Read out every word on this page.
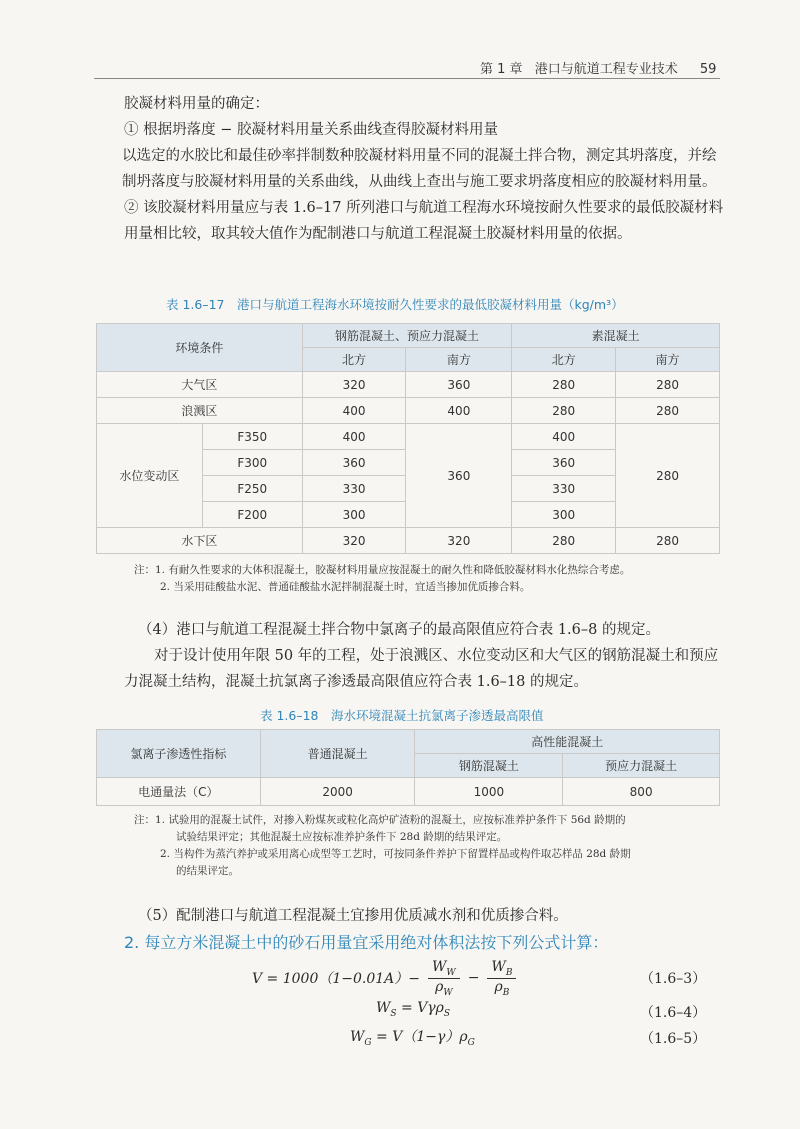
第 1 章 港口与航道工程专业技术 59

胶凝材料用量的确定：

① 根据坍落度 − 胶凝材料用量关系曲线查得胶凝材料用量

以选定的水胶比和最佳砂率拌制数种胶凝材料用量不同的混凝土拌合物，测定其坍落度，并绘制坍落度与胶凝材料用量的关系曲线，从曲线上查出与施工要求坍落度相应的胶凝材料用量。

② 该胶凝材料用量应与表 1.6–17 所列港口与航道工程海水环境按耐久性要求的最低胶凝材料用量相比较，取其较大值作为配制港口与航道工程混凝土胶凝材料用量的依据。

表 1.6–17　港口与航道工程海水环境按耐久性要求的最低胶凝材料用量（kg/m³）
环境条件		钢筋混凝土、预应力混凝土		素混凝土	
		北方	南方	北方	南方
大气区		320	360	280	280
浪溅区		400	400	280	280
水位变动区	F350	400	360	400	280
	F300	360		360	
	F250	330		330	
	F200	300		300	
水下区		320	320	280	280
注：1. 有耐久性要求的大体积混凝土，胶凝材料用量应按混凝土的耐久性和降低胶凝材料水化热综合考虑。
2. 当采用硅酸盐水泥、普通硅酸盐水泥拌制混凝土时，宜适当掺加优质掺合料。

（4）港口与航道工程混凝土拌合物中氯离子的最高限值应符合表 1.6–8 的规定。

对于设计使用年限 50 年的工程，处于浪溅区、水位变动区和大气区的钢筋混凝土和预应力混凝土结构，混凝土抗氯离子渗透最高限值应符合表 1.6–18 的规定。

表 1.6–18　海水环境混凝土抗氯离子渗透最高限值
氯离子渗透性指标	普通混凝土	高性能混凝土	
		钢筋混凝土	预应力混凝土
电通量法（C）	2000	1000	800
注：1. 试验用的混凝土试件，对掺入粉煤灰或粒化高炉矿渣粉的混凝土，应按标准养护条件下 56d 龄期的
试验结果评定；其他混凝土应按标准养护条件下 28d 龄期的结果评定。
2. 当构件为蒸汽养护或采用离心成型等工艺时，可按同条件养护下留置样品或构件取芯样品 28d 龄期
的结果评定。

（5）配制港口与航道工程混凝土宜掺用优质减水剂和优质掺合料。

2. 每立方米混凝土中的砂石用量宜采用绝对体积法按下列公式计算：
$V = 1000(1-0.01A)- \frac{W_W}{\rho_W} - \frac{W_B}{\rho_B}$	（1.6–3）
$W_S = V\gamma\rho_S$	（1.6–4）
$W_G = V(1-\gamma)\rho_G$	（1.6–5）
